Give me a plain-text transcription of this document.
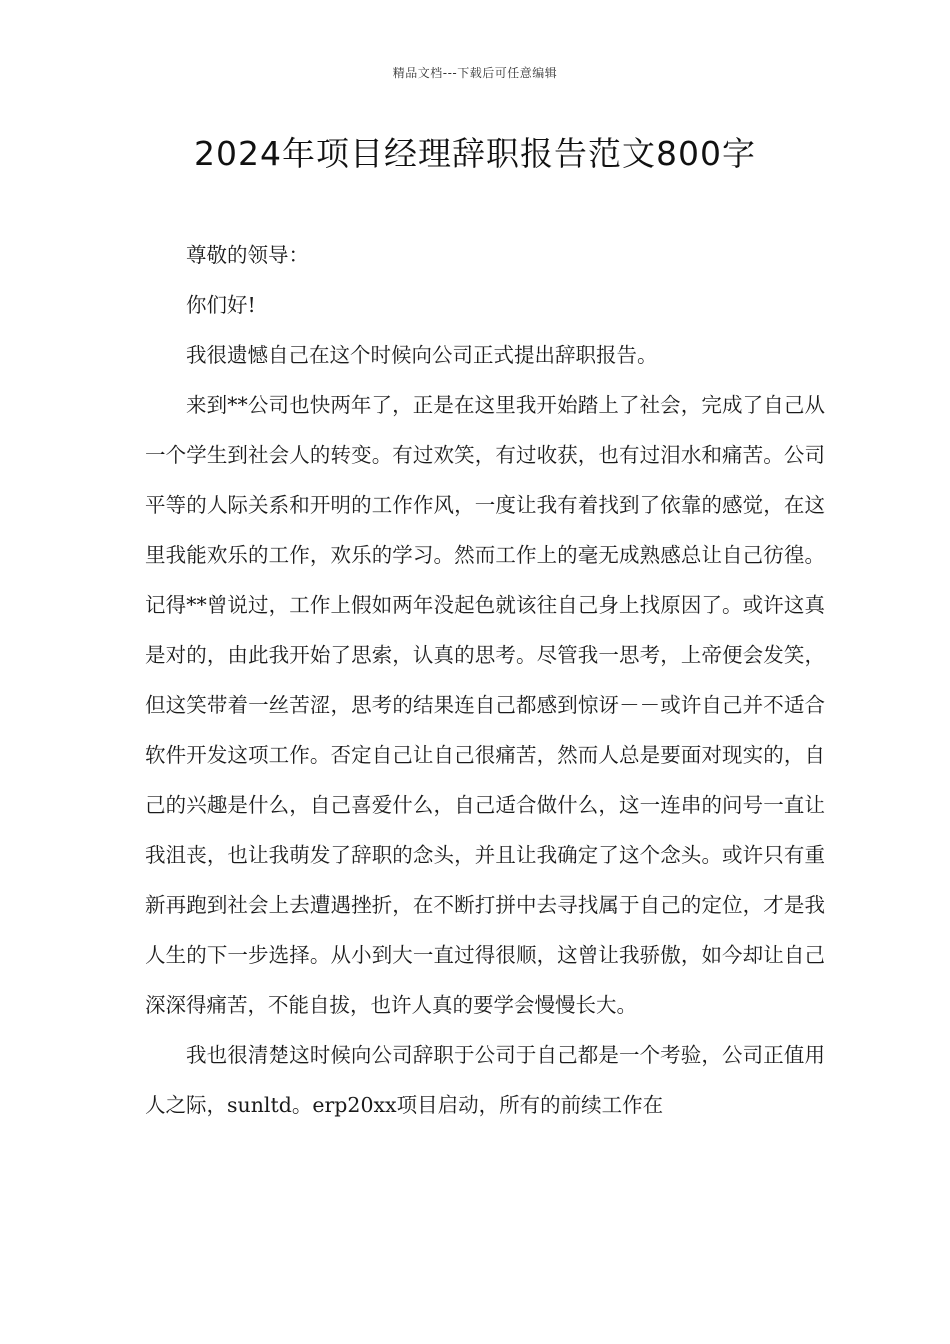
精品文档---下载后可任意编辑
2024年项目经理辞职报告范文800字

尊敬的领导：

你们好!

我很遗憾自己在这个时候向公司正式提出辞职报告。

来到**公司也快两年了，正是在这里我开始踏上了社会，完成了自己从一个学生到社会人的转变。有过欢笑，有过收获，也有过泪水和痛苦。公司平等的人际关系和开明的工作作风，一度让我有着找到了依靠的感觉，在这里我能欢乐的工作，欢乐的学习。然而工作上的毫无成熟感总让自己彷徨。记得**曾说过，工作上假如两年没起色就该往自己身上找原因了。或许这真是对的，由此我开始了思索，认真的思考。尽管我一思考，上帝便会发笑，但这笑带着一丝苦涩，思考的结果连自己都感到惊讶－－或许自己并不适合软件开发这项工作。否定自己让自己很痛苦，然而人总是要面对现实的，自己的兴趣是什么，自己喜爱什么，自己适合做什么，这一连串的问号一直让我沮丧，也让我萌发了辞职的念头，并且让我确定了这个念头。或许只有重新再跑到社会上去遭遇挫折，在不断打拼中去寻找属于自己的定位，才是我人生的下一步选择。从小到大一直过得很顺，这曾让我骄傲，如今却让自己深深得痛苦，不能自拔，也许人真的要学会慢慢长大。

我也很清楚这时候向公司辞职于公司于自己都是一个考验，公司正值用人之际，sunltd。erp20xx项目启动，所有的前续工作在
